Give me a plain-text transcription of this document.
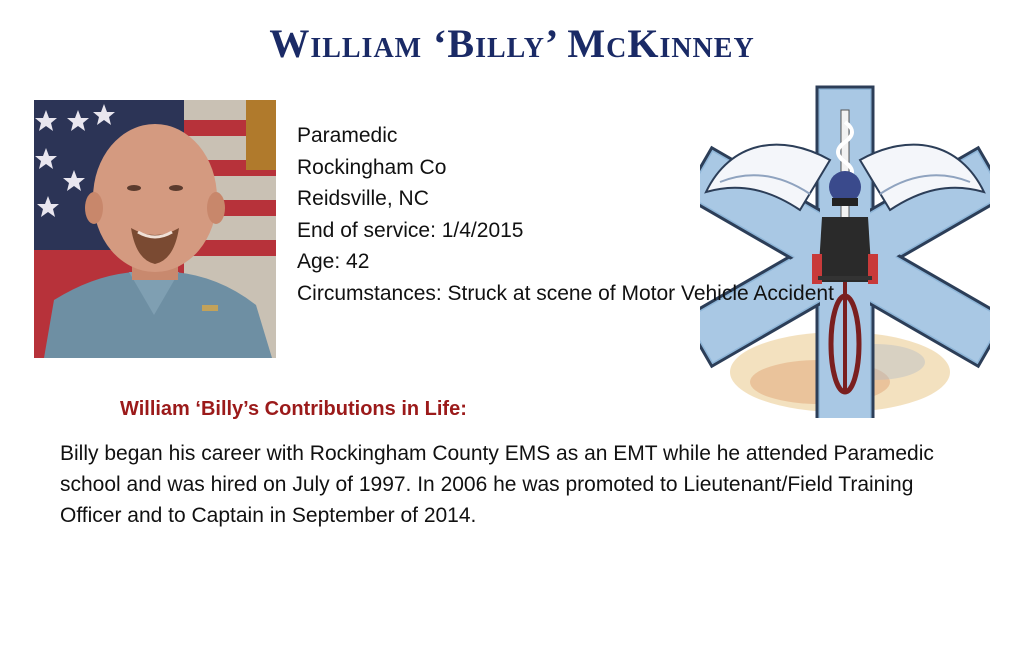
William ‘Billy’ McKinney
Paramedic
Rockingham Co
Reidsville, NC
End of service: 1/4/2015
Age: 42
Circumstances: Struck at scene of Motor Vehicle Accident
William ‘Billy’s Contributions in Life:
Billy began his career with Rockingham County EMS as an EMT while he attended Paramedic school and was hired on July of 1997. In 2006 he was promoted to Lieutenant/Field Training Officer and to Captain in September of 2014.
